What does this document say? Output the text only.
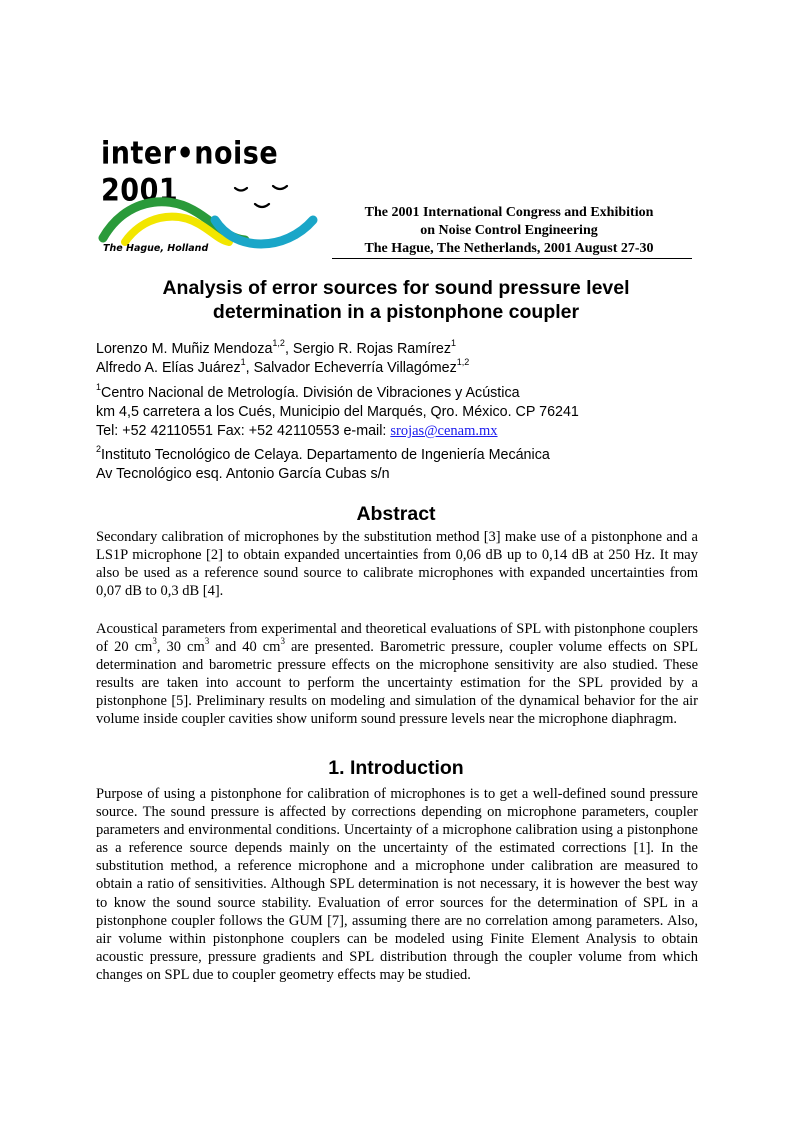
inter•noise 2001
The Hague, Holland
The 2001 International Congress and Exhibition
on Noise Control Engineering
The Hague, The Netherlands, 2001 August 27-30
Analysis of error sources for sound pressure level
determination in a pistonphone coupler
Lorenzo M. Muñiz Mendoza$^{1,2}$, Sergio R. Rojas Ramírez$^1$
Alfredo A. Elías Juárez$^1$, Salvador Echeverría Villagómez$^{1,2}$
$^1$Centro Nacional de Metrología. División de Vibraciones y Acústica
km 4,5 carretera a los Cués, Municipio del Marqués, Qro. México. CP 76241
Tel: +52 42110551 Fax: +52 42110553 e-mail: srojas@cenam.mx
$^2$Instituto Tecnológico de Celaya. Departamento de Ingeniería Mecánica
Av Tecnológico esq. Antonio García Cubas s/n
Abstract

Secondary calibration of microphones by the substitution method [3] make use of a pistonphone and a LS1P microphone [2] to obtain expanded uncertainties from 0,06 dB up to 0,14 dB at 250 Hz. It may also be used as a reference sound source to calibrate microphones with expanded uncertainties from 0,07 dB to 0,3 dB [4].

Acoustical parameters from experimental and theoretical evaluations of SPL with pistonphone couplers of 20 $cm^3$, 30 $cm^3$ and 40 $cm^3$ are presented. Barometric pressure, coupler volume effects on SPL determination and barometric pressure effects on the microphone sensitivity are also studied. These results are taken into account to perform the uncertainty estimation for the SPL provided by a pistonphone [5]. Preliminary results on modeling and simulation of the dynamical behavior for the air volume inside coupler cavities show uniform sound pressure levels near the microphone diaphragm.

1. Introduction

Purpose of using a pistonphone for calibration of microphones is to get a well-defined sound pressure source. The sound pressure is affected by corrections depending on microphone parameters, coupler parameters and environmental conditions. Uncertainty of a microphone calibration using a pistonphone as a reference source depends mainly on the uncertainty of the estimated corrections [1]. In the substitution method, a reference microphone and a microphone under calibration are measured to obtain a ratio of sensitivities. Although SPL determination is not necessary, it is however the best way to know the sound source stability. Evaluation of error sources for the determination of SPL in a pistonphone coupler follows the GUM [7], assuming there are no correlation among parameters. Also, air volume within pistonphone couplers can be modeled using Finite Element Analysis to obtain acoustic pressure, pressure gradients and SPL distribution through the coupler volume from which changes on SPL due to coupler geometry effects may be studied.
